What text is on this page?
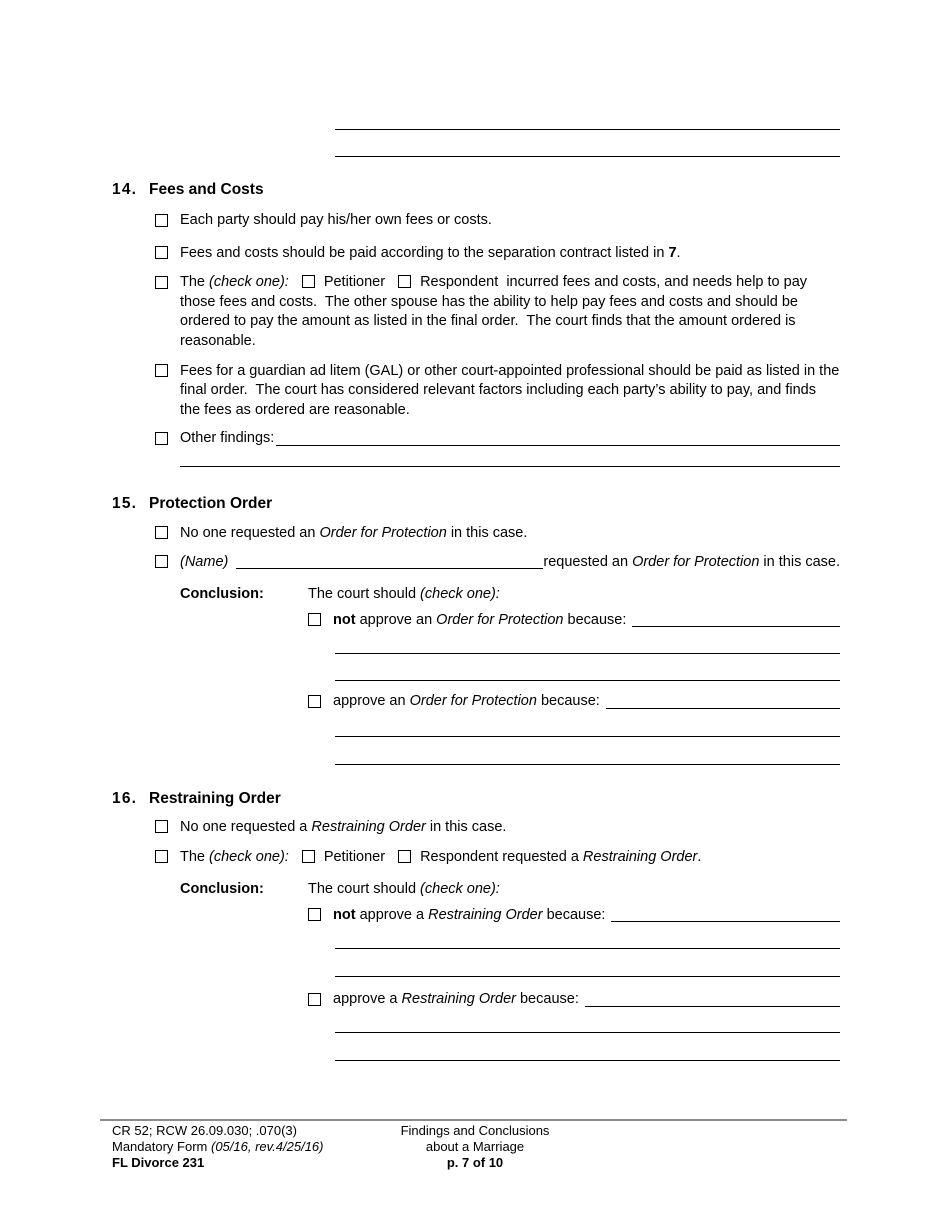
14. Fees and Costs
Each party should pay his/her own fees or costs.
Fees and costs should be paid according to the separation contract listed in 7.
The (check one): Petitioner Respondent  incurred fees and costs, and needs help to pay those fees and costs.  The other spouse has the ability to help pay fees and costs and should be ordered to pay the amount as listed in the final order.  The court finds that the amount ordered is reasonable.
Fees for a guardian ad litem (GAL) or other court-appointed professional should be paid as listed in the final order.  The court has considered relevant factors including each party’s ability to pay, and finds the fees as ordered are reasonable.
Other findings:
15. Protection Order
No one requested an Order for Protection in this case.
(Name)	requested an Order for Protection in this case.
Conclusion:	The court should (check one):
not approve an Order for Protection because:
approve an Order for Protection because:
16. Restraining Order
No one requested a Restraining Order in this case.
The (check one): Petitioner Respondent requested a Restraining Order.
Conclusion:	The court should (check one):
not approve a Restraining Order because:
approve a Restraining Order because:
CR 52; RCW 26.09.030; .070(3)
Mandatory Form (05/16, rev.4/25/16)
FL Divorce 231
Findings and Conclusions
about a Marriage
p. 7 of 10
